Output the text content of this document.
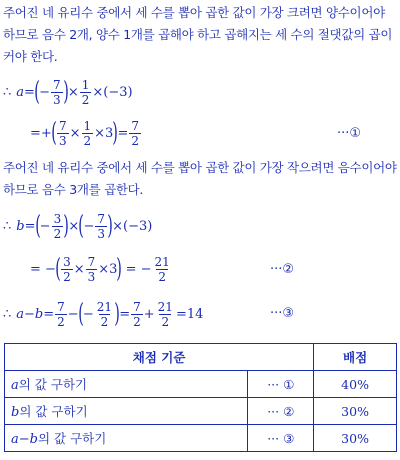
주어진 네 유리수 중에서 세 수를 뽑아 곱한 값이 가장 크려면 양수이어야 하므로 음수 2개, 양수 1개를 곱해야 하고 곱해지는 세 수의 절댓값의 곱이 커야 한다.
∴ a = ( − $\frac{7}{3}$ ) × $\frac{1}{2} \times (-3)$
=+ ( $\frac{7}{3} \times \frac{1}{2} \times 3$ ) = $\frac{7}{2}$	···①
주어진 네 유리수 중에서 세 수를 뽑아 곱한 값이 가장 작으려면 음수이어야 하므로 음수 3개를 곱한다.
∴ b = ( − $\frac{3}{2}$ ) × ( − $\frac{7}{3}$ ) × (−3)
= − ( $\frac{3}{2} \times \frac{7}{3} \times 3$ ) = − $\frac{21}{2}$	···②
∴ $a-b = \frac{7}{2}$ − ( − $\frac{21}{2}$ ) = $\frac{7}{2} + \frac{21}{2} = 14$	···③
채점 기준		배점
a의 값 구하기	··· ①	40%
b의 값 구하기	··· ②	30%
a−b의 값 구하기	··· ③	30%
